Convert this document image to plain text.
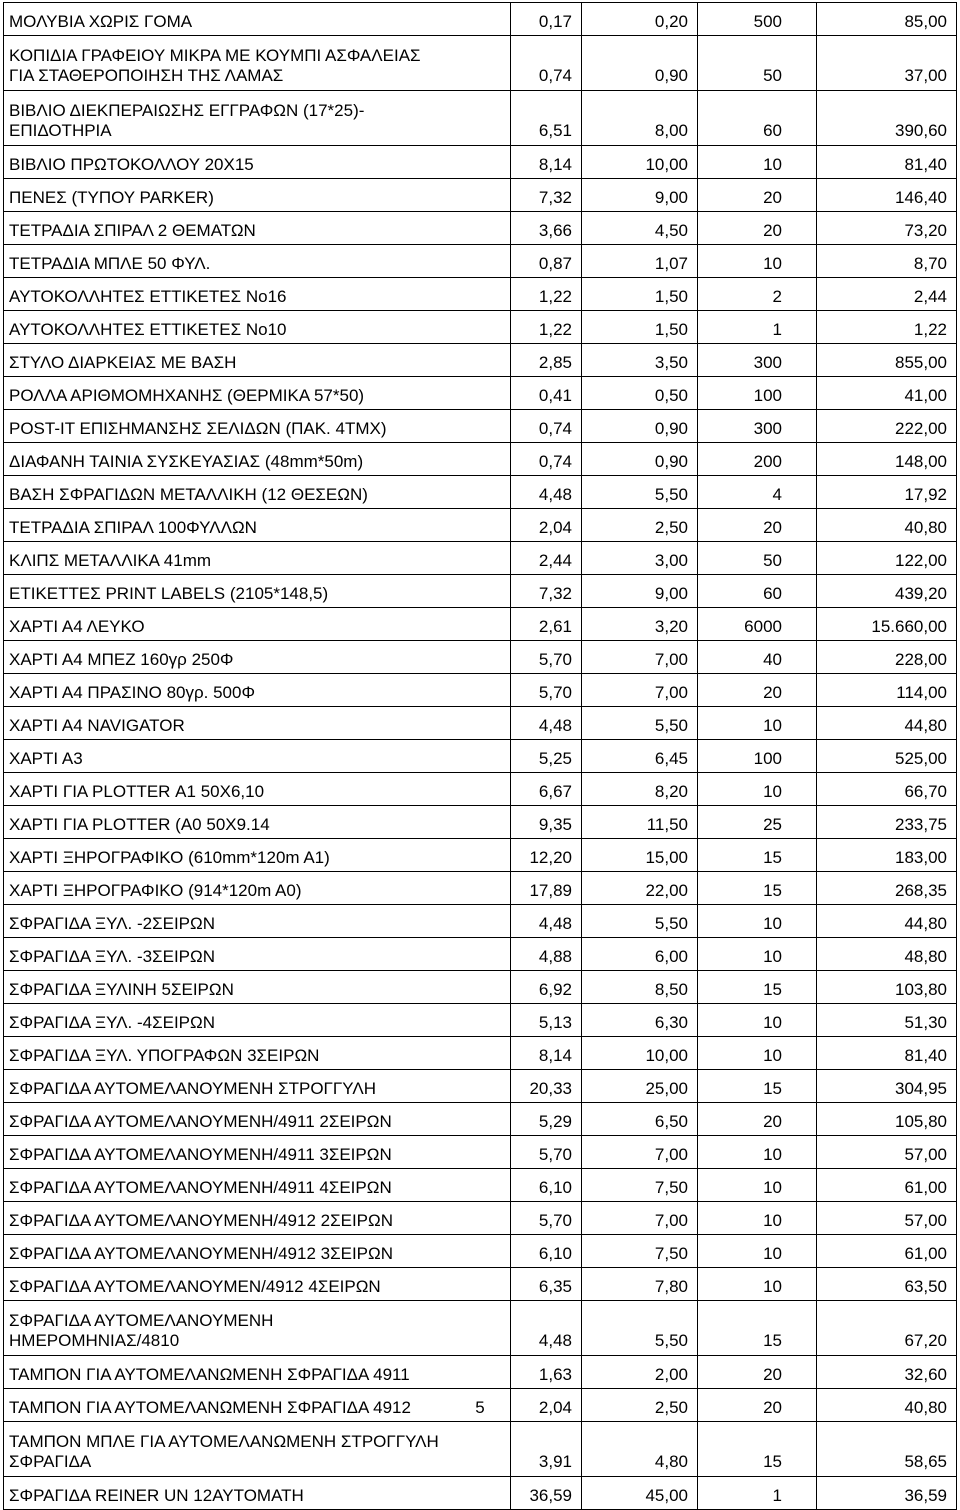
ΜΟΛΥΒΙΑ ΧΩΡΙΣ ΓΟΜΑ	0,17	0,20	500	85,00
ΚΟΠΙΔΙΑ ΓΡΑΦΕΙΟΥ ΜΙΚΡΑ ΜΕ ΚΟΥΜΠΙ ΑΣΦΑΛΕΙΑΣ
ΓΙΑ ΣΤΑΘΕΡΟΠΟΙΗΣΗ ΤΗΣ ΛΑΜΑΣ	0,74	0,90	50	37,00
ΒΙΒΛΙΟ ΔΙΕΚΠΕΡΑΙΩΣΗΣ ΕΓΓΡΑΦΩΝ (17*25)-
ΕΠΙΔΟΤΗΡΙΑ	6,51	8,00	60	390,60
ΒΙΒΛΙΟ ΠΡΩΤΟΚΟΛΛΟΥ 20Χ15	8,14	10,00	10	81,40
ΠΕΝΕΣ (ΤΥΠΟΥ PARKER)	7,32	9,00	20	146,40
ΤΕΤΡΑΔΙΑ ΣΠΙΡΑΛ 2 ΘΕΜΑΤΩΝ	3,66	4,50	20	73,20
ΤΕΤΡΑΔΙΑ ΜΠΛΕ 50 ΦΥΛ.	0,87	1,07	10	8,70
ΑΥΤΟΚΟΛΛΗΤΕΣ ΕΤΤΙΚΕΤΕΣ Νο16	1,22	1,50	2	2,44
ΑΥΤΟΚΟΛΛΗΤΕΣ ΕΤΤΙΚΕΤΕΣ Νο10	1,22	1,50	1	1,22
ΣΤΥΛΟ ΔΙΑΡΚΕΙΑΣ ΜΕ ΒΑΣΗ	2,85	3,50	300	855,00
ΡΟΛΛΑ ΑΡΙΘΜΟΜΗΧΑΝΗΣ (ΘΕΡΜΙΚΑ 57*50)	0,41	0,50	100	41,00
POST-IT ΕΠΙΣΗΜΑΝΣΗΣ ΣΕΛΙΔΩΝ (ΠΑΚ. 4ΤΜΧ)	0,74	0,90	300	222,00
ΔΙΑΦΑΝΗ ΤΑΙΝΙΑ ΣΥΣΚΕΥΑΣΙΑΣ (48mm*50m)	0,74	0,90	200	148,00
ΒΑΣΗ ΣΦΡΑΓΙΔΩΝ ΜΕΤΑΛΛΙΚΗ (12 ΘΕΣΕΩΝ)	4,48	5,50	4	17,92
ΤΕΤΡΑΔΙΑ ΣΠΙΡΑΛ 100ΦΥΛΛΩΝ	2,04	2,50	20	40,80
ΚΛΙΠΣ ΜΕΤΑΛΛΙΚΑ 41mm	2,44	3,00	50	122,00
ΕΤΙΚΕΤΤΕΣ PRINT LABELS (2105*148,5)	7,32	9,00	60	439,20
ΧΑΡΤΙ Α4 ΛΕΥΚΟ	2,61	3,20	6000	15.660,00
ΧΑΡΤΙ Α4 ΜΠΕΖ 160γρ 250Φ	5,70	7,00	40	228,00
ΧΑΡΤΙ Α4 ΠΡΑΣΙΝΟ 80γρ. 500Φ	5,70	7,00	20	114,00
ΧΑΡΤΙ Α4 NAVIGATOR	4,48	5,50	10	44,80
ΧΑΡΤΙ Α3	5,25	6,45	100	525,00
ΧΑΡΤΙ ΓΙΑ PLOTTER Α1 50Χ6,10	6,67	8,20	10	66,70
ΧΑΡΤΙ ΓΙΑ PLOTTER (Α0 50Χ9.14	9,35	11,50	25	233,75
ΧΑΡΤΙ ΞΗΡΟΓΡΑΦΙΚΟ (610mm*120m A1)	12,20	15,00	15	183,00
ΧΑΡΤΙ ΞΗΡΟΓΡΑΦΙΚΟ (914*120m A0)	17,89	22,00	15	268,35
ΣΦΡΑΓΙΔΑ ΞΥΛ. -2ΣΕΙΡΩΝ	4,48	5,50	10	44,80
ΣΦΡΑΓΙΔΑ ΞΥΛ. -3ΣΕΙΡΩΝ	4,88	6,00	10	48,80
ΣΦΡΑΓΙΔΑ ΞΥΛΙΝΗ 5ΣΕΙΡΩΝ	6,92	8,50	15	103,80
ΣΦΡΑΓΙΔΑ ΞΥΛ. -4ΣΕΙΡΩΝ	5,13	6,30	10	51,30
ΣΦΡΑΓΙΔΑ ΞΥΛ. ΥΠΟΓΡΑΦΩΝ 3ΣΕΙΡΩΝ	8,14	10,00	10	81,40
ΣΦΡΑΓΙΔΑ ΑΥΤΟΜΕΛΑΝΟΥΜΕΝΗ ΣΤΡΟΓΓΥΛΗ	20,33	25,00	15	304,95
ΣΦΡΑΓΙΔΑ ΑΥΤΟΜΕΛΑΝΟΥΜΕΝΗ/4911 2ΣΕΙΡΩΝ	5,29	6,50	20	105,80
ΣΦΡΑΓΙΔΑ ΑΥΤΟΜΕΛΑΝΟΥΜΕΝΗ/4911 3ΣΕΙΡΩΝ	5,70	7,00	10	57,00
ΣΦΡΑΓΙΔΑ ΑΥΤΟΜΕΛΑΝΟΥΜΕΝΗ/4911 4ΣΕΙΡΩΝ	6,10	7,50	10	61,00
ΣΦΡΑΓΙΔΑ ΑΥΤΟΜΕΛΑΝΟΥΜΕΝΗ/4912 2ΣΕΙΡΩΝ	5,70	7,00	10	57,00
ΣΦΡΑΓΙΔΑ ΑΥΤΟΜΕΛΑΝΟΥΜΕΝΗ/4912 3ΣΕΙΡΩΝ	6,10	7,50	10	61,00
ΣΦΡΑΓΙΔΑ ΑΥΤΟΜΕΛΑΝΟΥΜΕΝ/4912 4ΣΕΙΡΩΝ	6,35	7,80	10	63,50
ΣΦΡΑΓΙΔΑ ΑΥΤΟΜΕΛΑΝΟΥΜΕΝΗ
ΗΜΕΡΟΜΗΝΙΑΣ/4810	4,48	5,50	15	67,20
ΤΑΜΠΟΝ ΓΙΑ ΑΥΤΟΜΕΛΑΝΩΜΕΝΗ ΣΦΡΑΓΙΔΑ 4911	1,63	2,00	20	32,60
ΤΑΜΠΟΝ ΓΙΑ ΑΥΤΟΜΕΛΑΝΩΜΕΝΗ ΣΦΡΑΓΙΔΑ 4912	2,04	2,50	20	40,80
ΤΑΜΠΟΝ ΜΠΛΕ ΓΙΑ ΑΥΤΟΜΕΛΑΝΩΜΕΝΗ ΣΤΡΟΓΓΥΛΗ
ΣΦΡΑΓΙΔΑ	3,91	4,80	15	58,65
ΣΦΡΑΓΙΔΑ REINER UN 12ΑΥΤΟΜΑΤΗ	36,59	45,00	1	36,59
5
